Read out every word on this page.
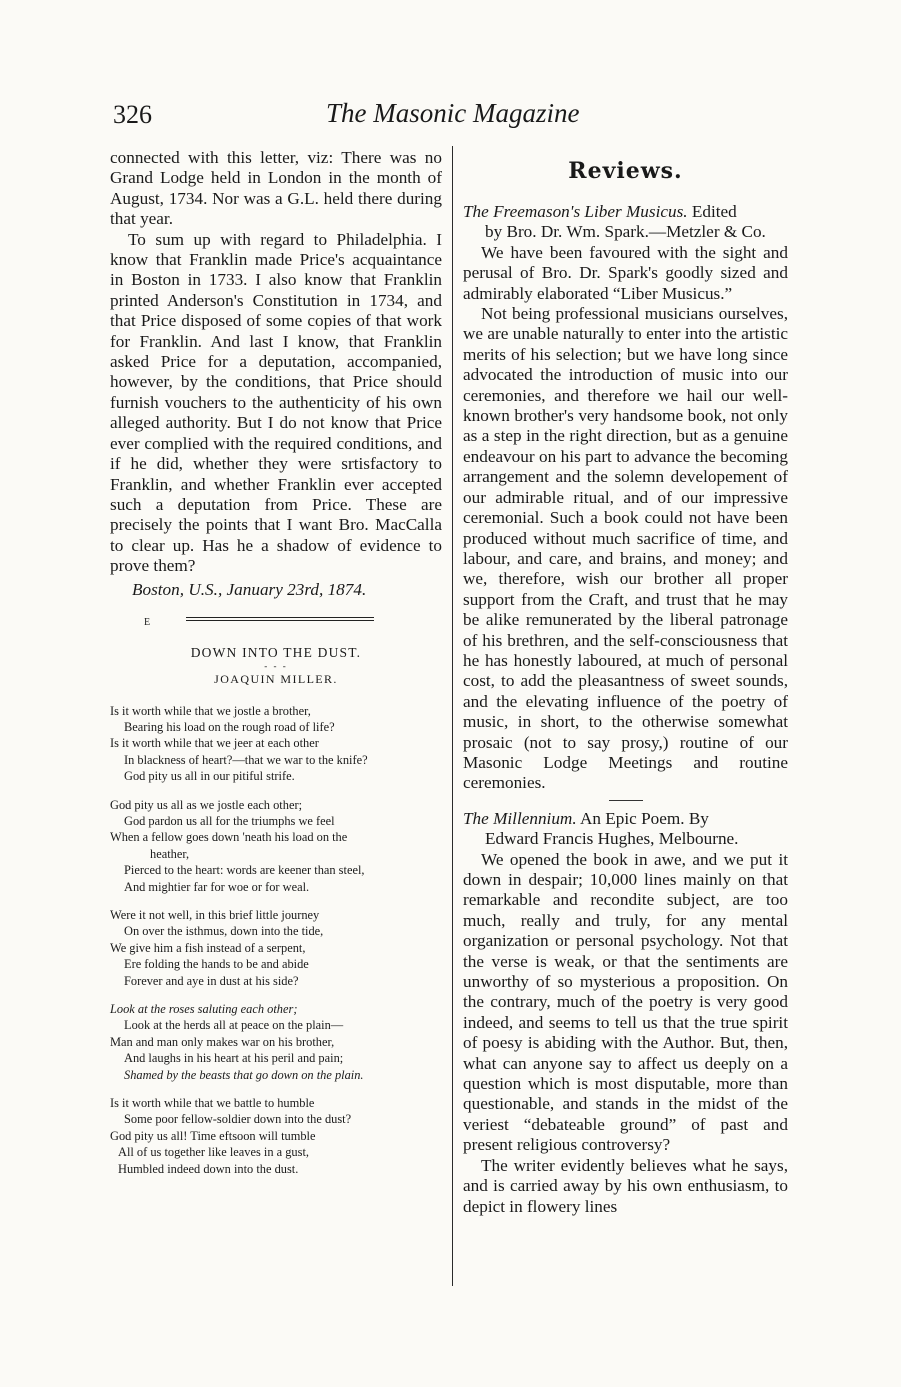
326	The Masonic Magazine

connected with this letter, viz: There was no Grand Lodge held in London in the month of August, 1734. Nor was a G.L. held there during that year.

To sum up with regard to Philadelphia. I know that Franklin made Price's acquaintance in Boston in 1733. I also know that Franklin printed Anderson's Constitution in 1734, and that Price disposed of some copies of that work for Franklin. And last I know, that Franklin asked Price for a deputation, accompanied, however, by the conditions, that Price should furnish vouchers to the authenticity of his own alleged authority. But I do not know that Price ever complied with the required conditions, and if he did, whether they were srtisfactory to Franklin, and whether Franklin ever accepted such a deputation from Price. These are precisely the points that I want Bro. MacCalla to clear up. Has he a shadow of evidence to prove them?

Boston, U.S., January 23rd, 1874.
E
DOWN INTO THE DUST.
- - -
JOAQUIN MILLER.
Is it worth while that we jostle a brother,
Bearing his load on the rough road of life?
Is it worth while that we jeer at each other
In blackness of heart?—that we war to the knife?
God pity us all in our pitiful strife.
God pity us all as we jostle each other;
God pardon us all for the triumphs we feel
When a fellow goes down 'neath his load on the
heather,
Pierced to the heart: words are keener than steel,
And mightier far for woe or for weal.
Were it not well, in this brief little journey
On over the isthmus, down into the tide,
We give him a fish instead of a serpent,
Ere folding the hands to be and abide
Forever and aye in dust at his side?
Look at the roses saluting each other;
Look at the herds all at peace on the plain—
Man and man only makes war on his brother,
And laughs in his heart at his peril and pain;
Shamed by the beasts that go down on the plain.
Is it worth while that we battle to humble
Some poor fellow-soldier down into the dust?
God pity us all! Time eftsoon will tumble
All of us together like leaves in a gust,
Humbled indeed down into the dust.
Reviews.
The Freemason's Liber Musicus. Edited
by Bro. Dr. Wm. Spark.—Metzler & Co.

We have been favoured with the sight and perusal of Bro. Dr. Spark's goodly sized and admirably elaborated “Liber Musicus.”

Not being professional musicians ourselves, we are unable naturally to enter into the artistic merits of his selection; but we have long since advocated the introduction of music into our ceremonies, and therefore we hail our well-known brother's very handsome book, not only as a step in the right direction, but as a genuine endeavour on his part to advance the becoming arrangement and the solemn developement of our admirable ritual, and of our impressive ceremonial. Such a book could not have been produced without much sacrifice of time, and labour, and care, and brains, and money; and we, therefore, wish our brother all proper support from the Craft, and trust that he may be alike remunerated by the liberal patronage of his brethren, and the self-consciousness that he has honestly laboured, at much of personal cost, to add the pleasantness of sweet sounds, and the elevating influence of the poetry of music, in short, to the otherwise somewhat prosaic (not to say prosy,) routine of our Masonic Lodge Meetings and routine ceremonies.

The Millennium. An Epic Poem. By
Edward Francis Hughes, Melbourne.

We opened the book in awe, and we put it down in despair; 10,000 lines mainly on that remarkable and recondite subject, are too much, really and truly, for any mental organization or personal psychology. Not that the verse is weak, or that the sentiments are unworthy of so mysterious a proposition. On the contrary, much of the poetry is very good indeed, and seems to tell us that the true spirit of poesy is abiding with the Author. But, then, what can anyone say to affect us deeply on a question which is most disputable, more than questionable, and stands in the midst of the veriest “debateable ground” of past and present religious controversy?

The writer evidently believes what he says, and is carried away by his own enthusiasm, to depict in flowery lines
